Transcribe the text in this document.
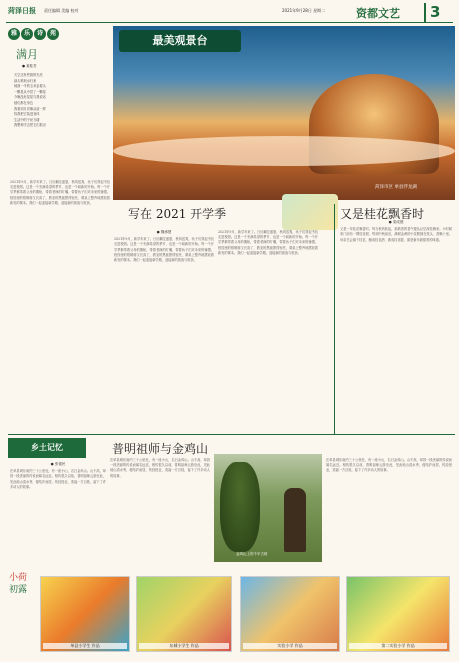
菏泽日报 责任编辑 美编 校对	2021年9月28日 星期二	资都文艺	3
雅 乐 诗 苑
满月
● 姜桂芳
天空还有些微的光亮
绿头鸭划水归来
地面一半的玉米歪着头
一颗星从中冒了一颗星
今晚没有星星与我说话
她们都在身边
我看到月亮像从前一样
待我把它装进身体
生活中的干丝万缕
我想伸手去把它们抓出
最美观景台
菏泽市区 单县浮龙湖
2021年9月，新学年来了。日历翻过盛夏，秋风送爽，孩子们背起书包走进校园。这是一个充满希望的季节，也是一个崭新的开始。每一个开学季都带着父母的期盼，带着老师的叮嘱，带着孩子们对未来的憧憬。校园里的梧桐树又长高了，教室的黑板擦得锃亮，课桌上整齐地摆放着新发的课本。我们一起迎接新学期，迎接新的挑战与收获。
● 魏承慧
2021年9月，新学年来了。日历翻过盛夏，秋风送爽，孩子们背起书包走进校园。这是一个充满希望的季节，也是一个崭新的开始。每一个开学季都带着父母的期盼，带着老师的叮嘱，带着孩子们对未来的憧憬。校园里的梧桐树又长高了，教室的黑板擦得锃亮，课桌上整齐地摆放着新发的课本。我们一起迎接新学期，迎接新的挑战与收获。
2021年9月，新学年来了。日历翻过盛夏，秋风送爽，孩子们背起书包走进校园。这是一个充满希望的季节，也是一个崭新的开始。每一个开学季都带着父母的期盼，带着老师的叮嘱，带着孩子们对未来的憧憬。校园里的梧桐树又长高了，教室的黑板擦得锃亮，课桌上整齐地摆放着新发的课本。我们一起迎接新学期，迎接新的挑战与收获。
写在 2021 开学季	又是桂花飘香时
● 梁成德
又是一年桂花飘香时。每当秋风吹起，那熟悉的香气便从记忆深处飘来。小时候家门前有一棵桂花树，每到中秋前后，满树金黄的小花簇拥在枝头，香飘十里。母亲总会摘下桂花，酿成桂花酒、做成桂花糕，那是童年最甜美的味道。
乡土记忆	普明祖师与金鸡山
● 张德民
在单县城东南约三十公里处，有一座小山，名曰金鸡山。山不高，却因一段美丽的传说而闻名远近。相传很久以前，普明祖师云游至此，见此地山清水秀，便结庐而居，传经授业，造福一方百姓，留下了许多动人的故事。
在单县城东南约三十公里处，有一座小山，名曰金鸡山。山不高，却因一段美丽的传说而闻名远近。相传很久以前，普明祖师云游至此，见此地山清水秀，便结庐而居，传经授业，造福一方百姓，留下了许多动人的故事。
金鸡山上的千年古树
在单县城东南约三十公里处，有一座小山，名曰金鸡山。山不高，却因一段美丽的传说而闻名远近。相传很久以前，普明祖师云游至此，见此地山清水秀，便结庐而居，传经授业，造福一方百姓，留下了许多动人的故事。
小荷
初露
单县小学生 作品	东城小学生 作品	实验小学 作品	第二实验小学 作品
